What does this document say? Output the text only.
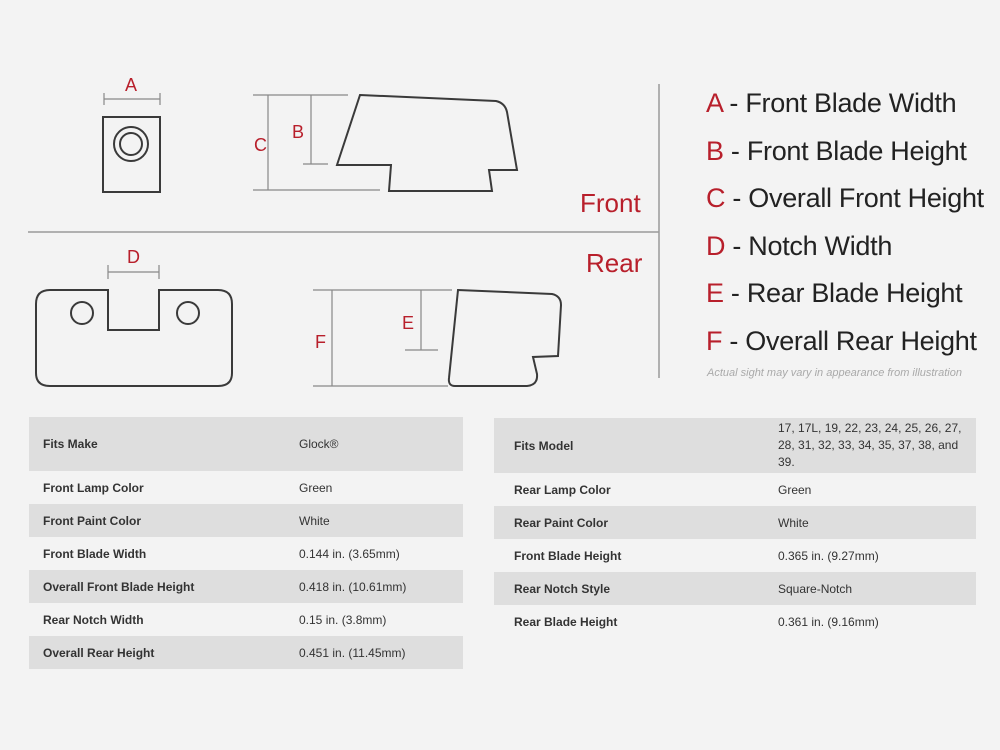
A
C
B
Front
Rear
D
F
E
A - Front Blade Width
B - Front Blade Height
C - Overall Front Height
D - Notch Width
E - Rear Blade Height
F - Overall Rear Height
Actual sight may vary in appearance from illustration
Fits Make	Glock®
Front Lamp Color	Green
Front Paint Color	White
Front Blade Width	0.144 in. (3.65mm)
Overall Front Blade Height	0.418 in. (10.61mm)
Rear Notch Width	0.15 in. (3.8mm)
Overall Rear Height	0.451 in. (11.45mm)
Fits Model	17, 17L, 19, 22, 23, 24, 25, 26, 27, 28, 31, 32, 33, 34, 35, 37, 38, and 39.
Rear Lamp Color	Green
Rear Paint Color	White
Front Blade Height	0.365 in. (9.27mm)
Rear Notch Style	Square-Notch
Rear Blade Height	0.361 in. (9.16mm)
